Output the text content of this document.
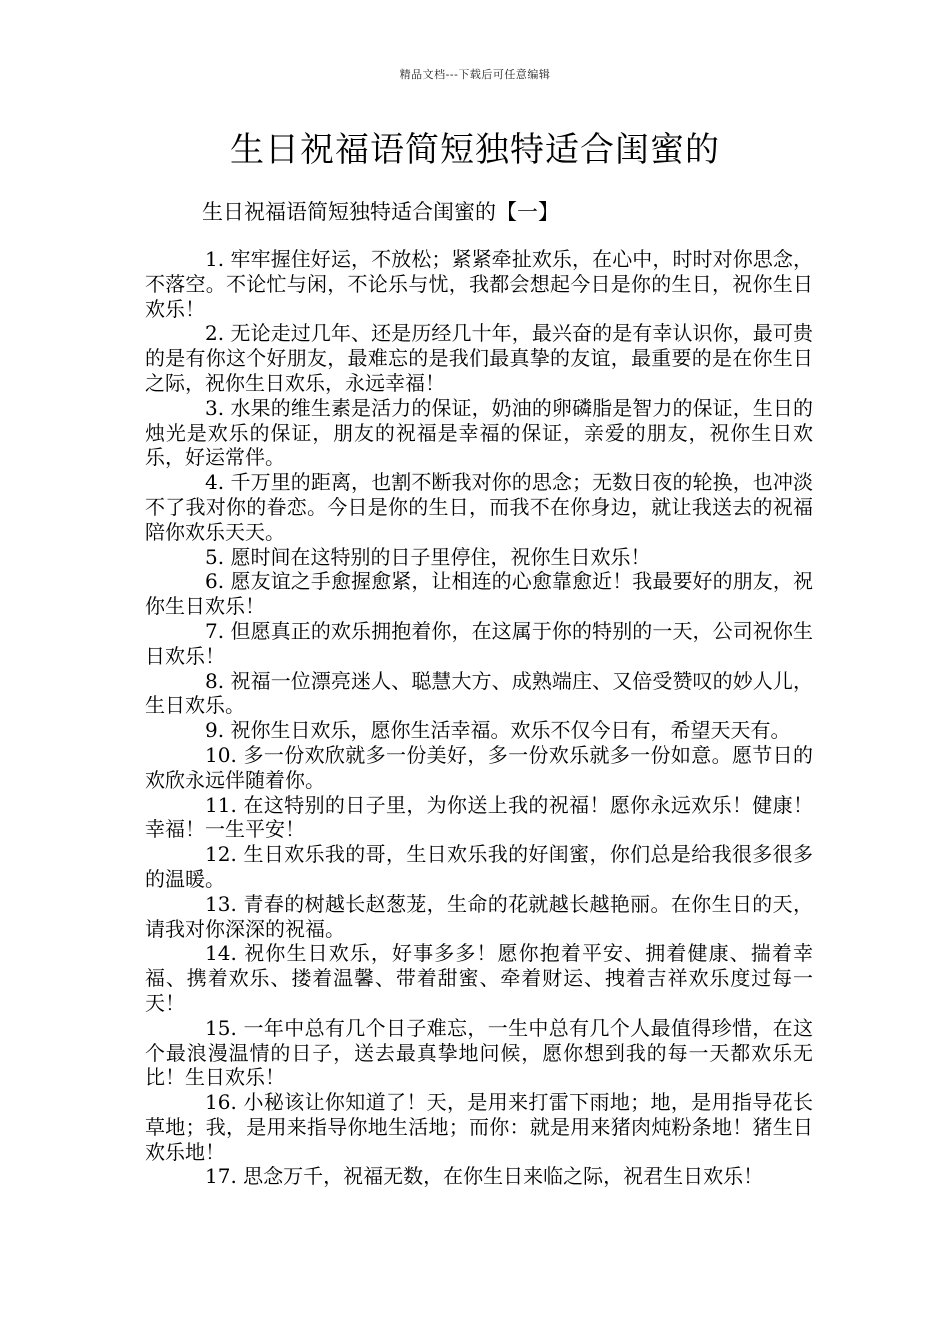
精品文档---下载后可任意编辑
生日祝福语简短独特适合闺蜜的
生日祝福语简短独特适合闺蜜的【一】
1. 牢牢握住好运，不放松；紧紧牵扯欢乐，在心中，时时对你思念，不落空。不论忙与闲，不论乐与忧，我都会想起今日是你的生日，祝你生日欢乐！
2. 无论走过几年、还是历经几十年，最兴奋的是有幸认识你，最可贵的是有你这个好朋友，最难忘的是我们最真挚的友谊，最重要的是在你生日之际，祝你生日欢乐，永远幸福！
3. 水果的维生素是活力的保证，奶油的卵磷脂是智力的保证，生日的烛光是欢乐的保证，朋友的祝福是幸福的保证，亲爱的朋友，祝你生日欢乐，好运常伴。
4. 千万里的距离，也割不断我对你的思念；无数日夜的轮换，也冲淡不了我对你的眷恋。今日是你的生日，而我不在你身边，就让我送去的祝福陪你欢乐天天。
5. 愿时间在这特别的日子里停住，祝你生日欢乐！
6. 愿友谊之手愈握愈紧，让相连的心愈靠愈近！我最要好的朋友，祝你生日欢乐！
7. 但愿真正的欢乐拥抱着你，在这属于你的特别的一天，公司祝你生日欢乐！
8. 祝福一位漂亮迷人、聪慧大方、成熟端庄、又倍受赞叹的妙人儿，生日欢乐。
9. 祝你生日欢乐，愿你生活幸福。欢乐不仅今日有，希望天天有。
10. 多一份欢欣就多一份美好，多一份欢乐就多一份如意。愿节日的欢欣永远伴随着你。
11. 在这特别的日子里，为你送上我的祝福！愿你永远欢乐！健康！幸福！一生平安！
12. 生日欢乐我的哥，生日欢乐我的好闺蜜，你们总是给我很多很多的温暖。
13. 青春的树越长赵葱茏，生命的花就越长越艳丽。在你生日的天，请我对你深深的祝福。
14. 祝你生日欢乐，好事多多！愿你抱着平安、拥着健康、揣着幸福、携着欢乐、搂着温馨、带着甜蜜、牵着财运、拽着吉祥欢乐度过每一天！
15. 一年中总有几个日子难忘，一生中总有几个人最值得珍惜，在这个最浪漫温情的日子，送去最真挚地问候，愿你想到我的每一天都欢乐无比！生日欢乐！
16. 小秘该让你知道了！天，是用来打雷下雨地；地，是用指导花长草地；我，是用来指导你地生活地；而你：就是用来猪肉炖粉条地！猪生日欢乐地！
17. 思念万千，祝福无数，在你生日来临之际，祝君生日欢乐！
